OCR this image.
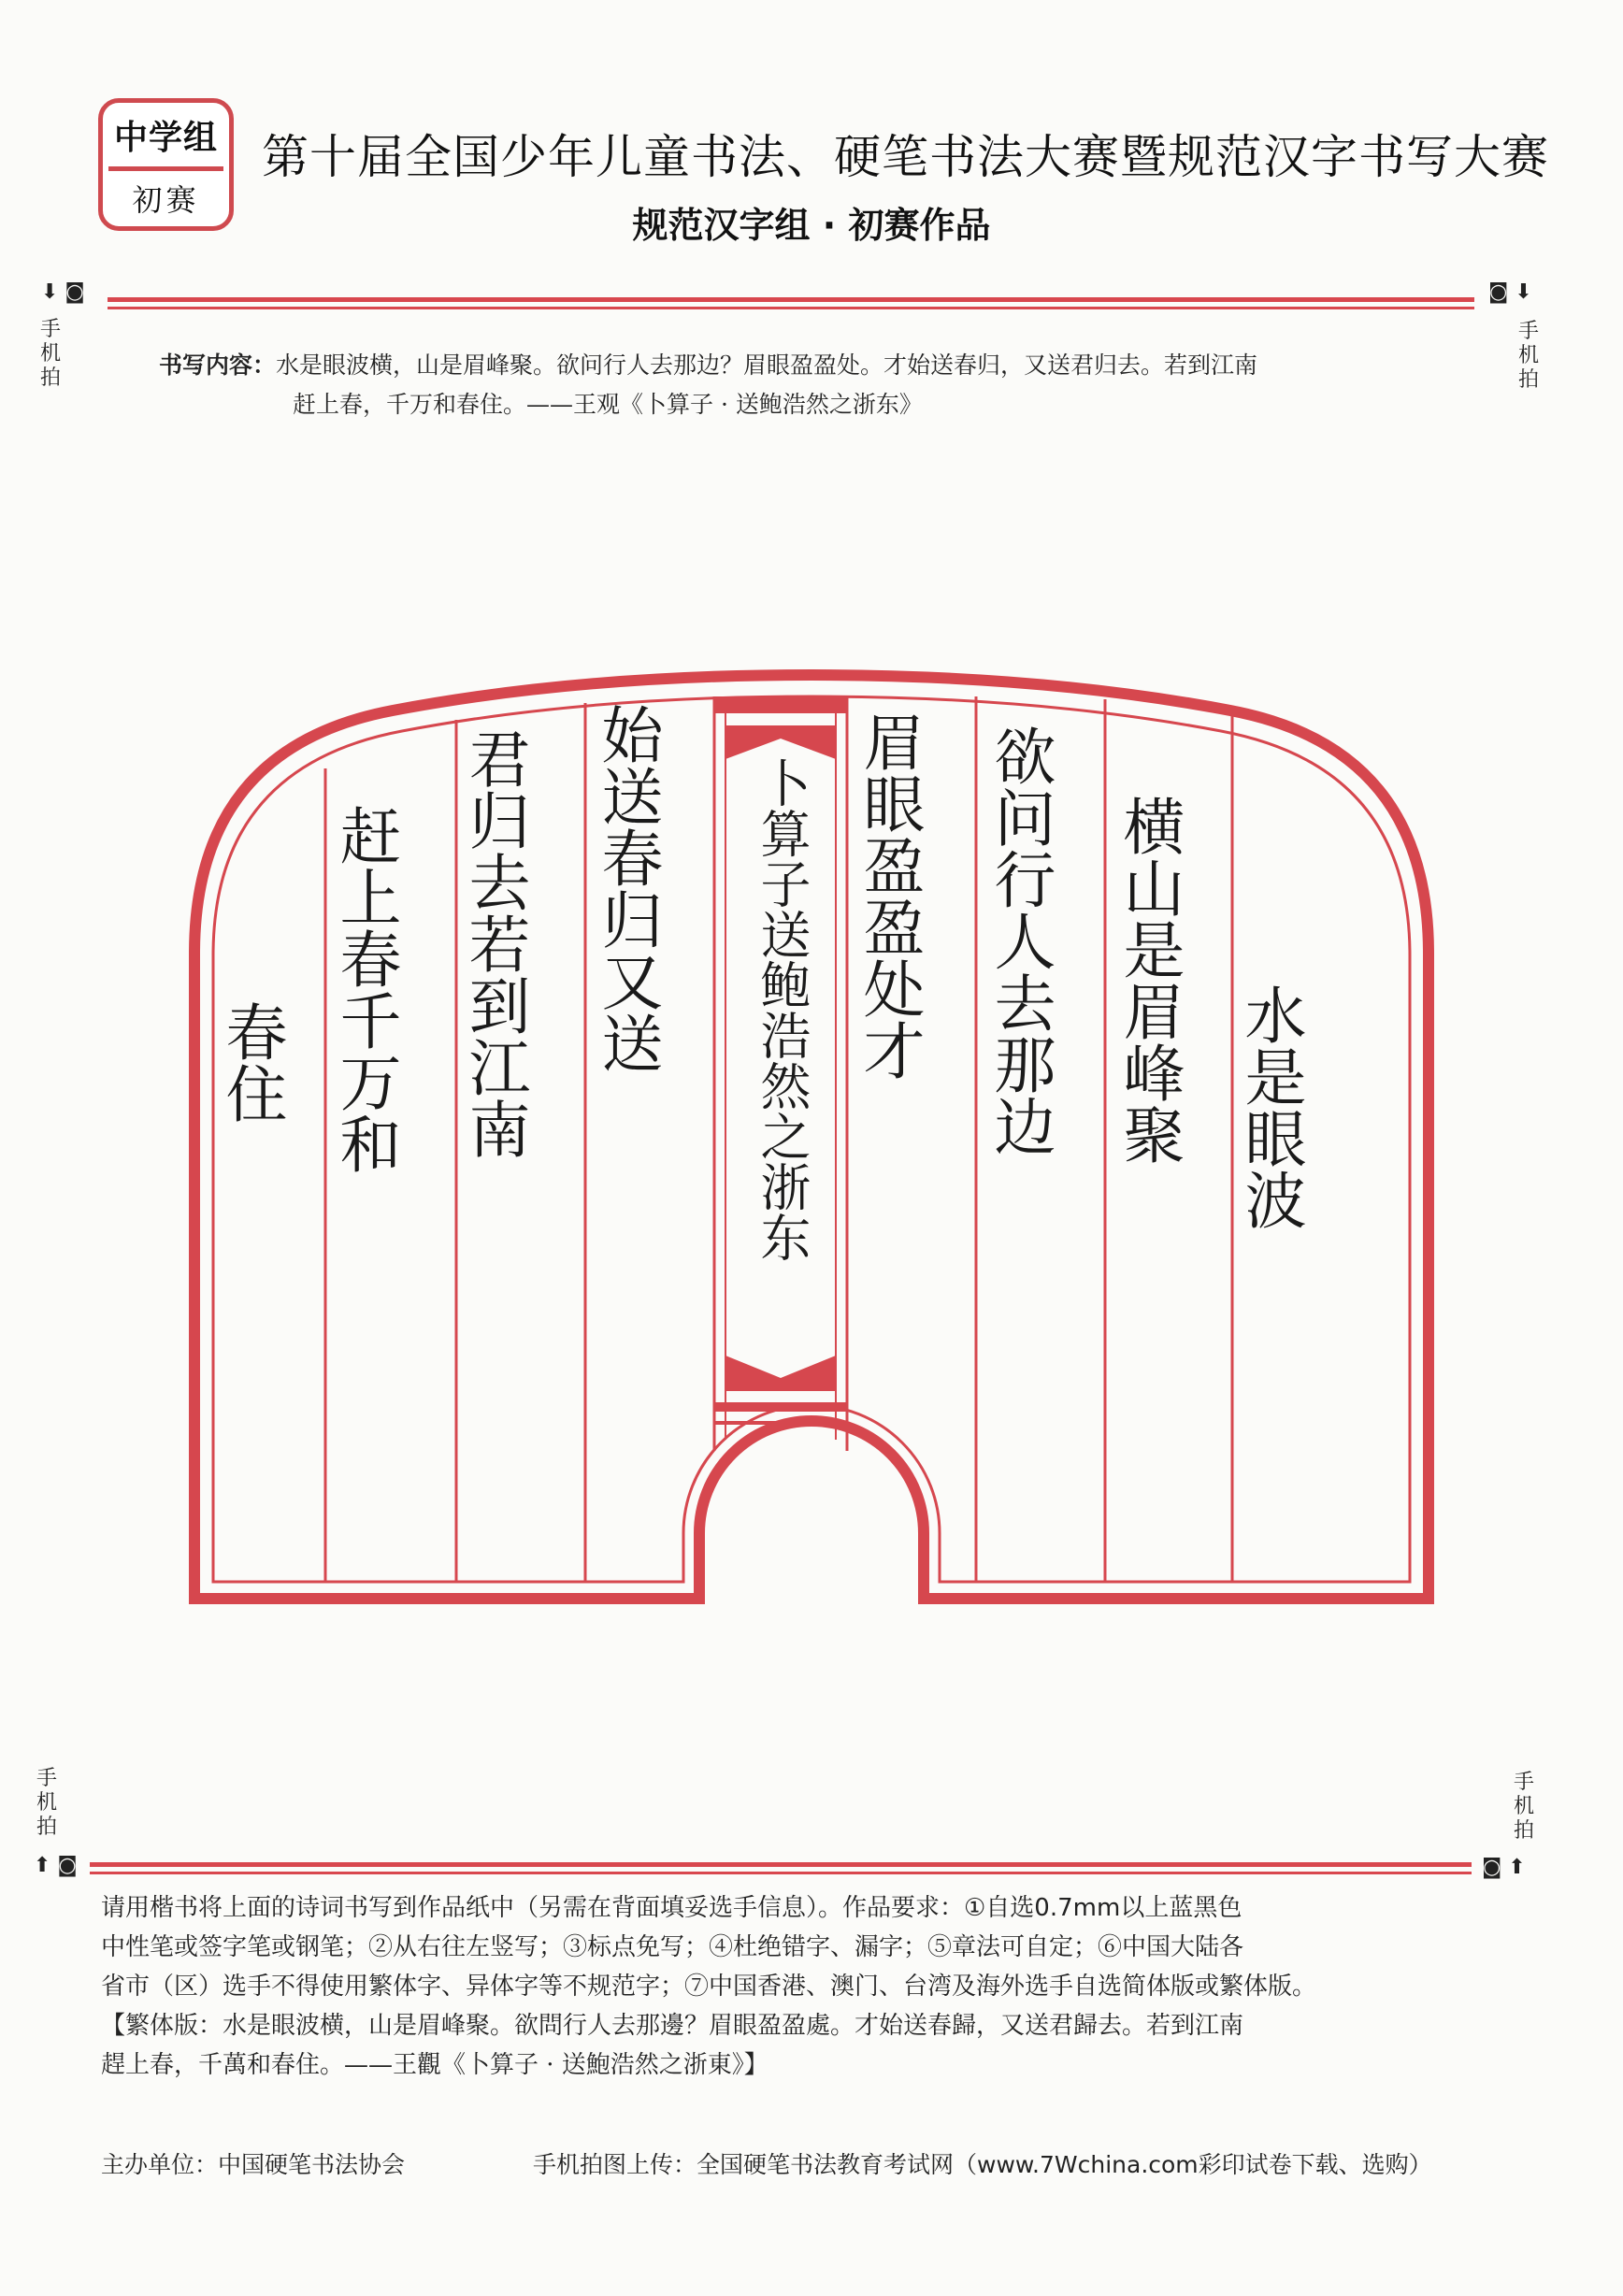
中学组
初赛
第十届全国少年儿童书法、硬笔书法大赛暨规范汉字书写大赛
规范汉字组 · 初赛作品
⬇ ◙
手机拍
◙ ⬇
手机拍
书写内容：水是眼波横，山是眉峰聚。欲问行人去那边？眉眼盈盈处。才始送春归，又送君归去。若到江南
赶上春，千万和春住。——王观《卜算子 · 送鲍浩然之浙东》
水是眼波
横山是眉峰聚
欲问行人去那边
眉眼盈盈处才
卜算子送鲍浩然之浙东
始送春归又送
君归去若到江南
赶上春千万和
春住
手机拍
⬆ ◙
手机拍
◙ ⬆

请用楷书将上面的诗词书写到作品纸中（另需在背面填妥选手信息）。作品要求：①自选0.7mm以上蓝黑色

中性笔或签字笔或钢笔；②从右往左竖写；③标点免写；④杜绝错字、漏字；⑤章法可自定；⑥中国大陆各

省市（区）选手不得使用繁体字、异体字等不规范字；⑦中国香港、澳门、台湾及海外选手自选简体版或繁体版。

【繁体版：水是眼波横，山是眉峰聚。欲問行人去那邊？眉眼盈盈處。才始送春歸，又送君歸去。若到江南

趕上春，千萬和春住。——王觀《卜算子 · 送鮑浩然之浙東》】

主办单位：中国硬笔书法协会	手机拍图上传：全国硬笔书法教育考试网（www.7Wchina.com彩印试卷下载、选购）
